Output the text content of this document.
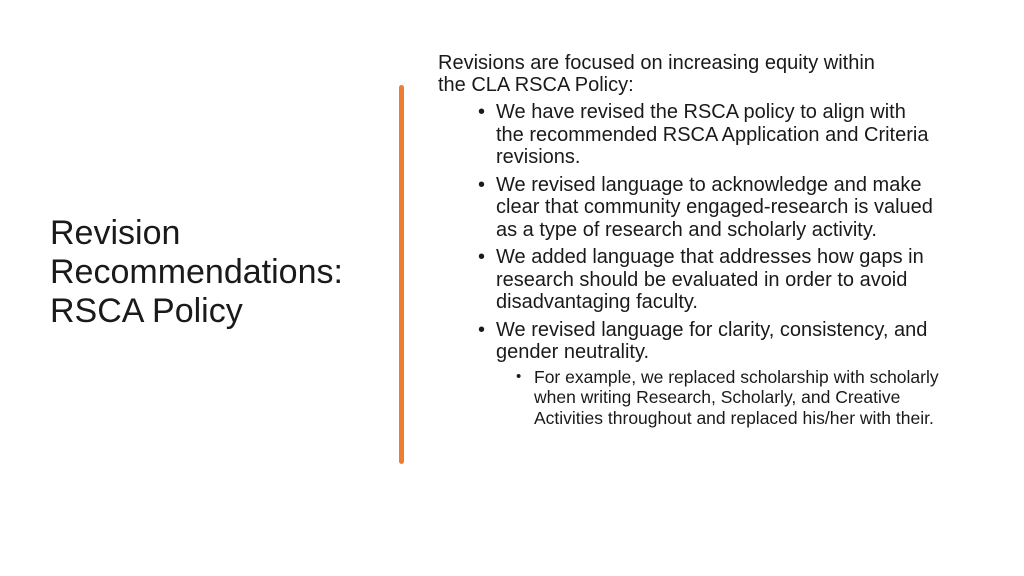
Revision Recommendations: RSCA Policy

Revisions are focused on increasing equity within the CLA RSCA Policy:

• We have revised the RSCA policy to align with the recommended RSCA Application and Criteria revisions.
• We revised language to acknowledge and make clear that community engaged-research is valued as a type of research and scholarly activity.
• We added language that addresses how gaps in research should be evaluated in order to avoid disadvantaging faculty.
• We revised language for clarity, consistency, and gender neutrality.
• For example, we replaced scholarship with scholarly when writing Research, Scholarly, and Creative Activities throughout and replaced his/her with their.
